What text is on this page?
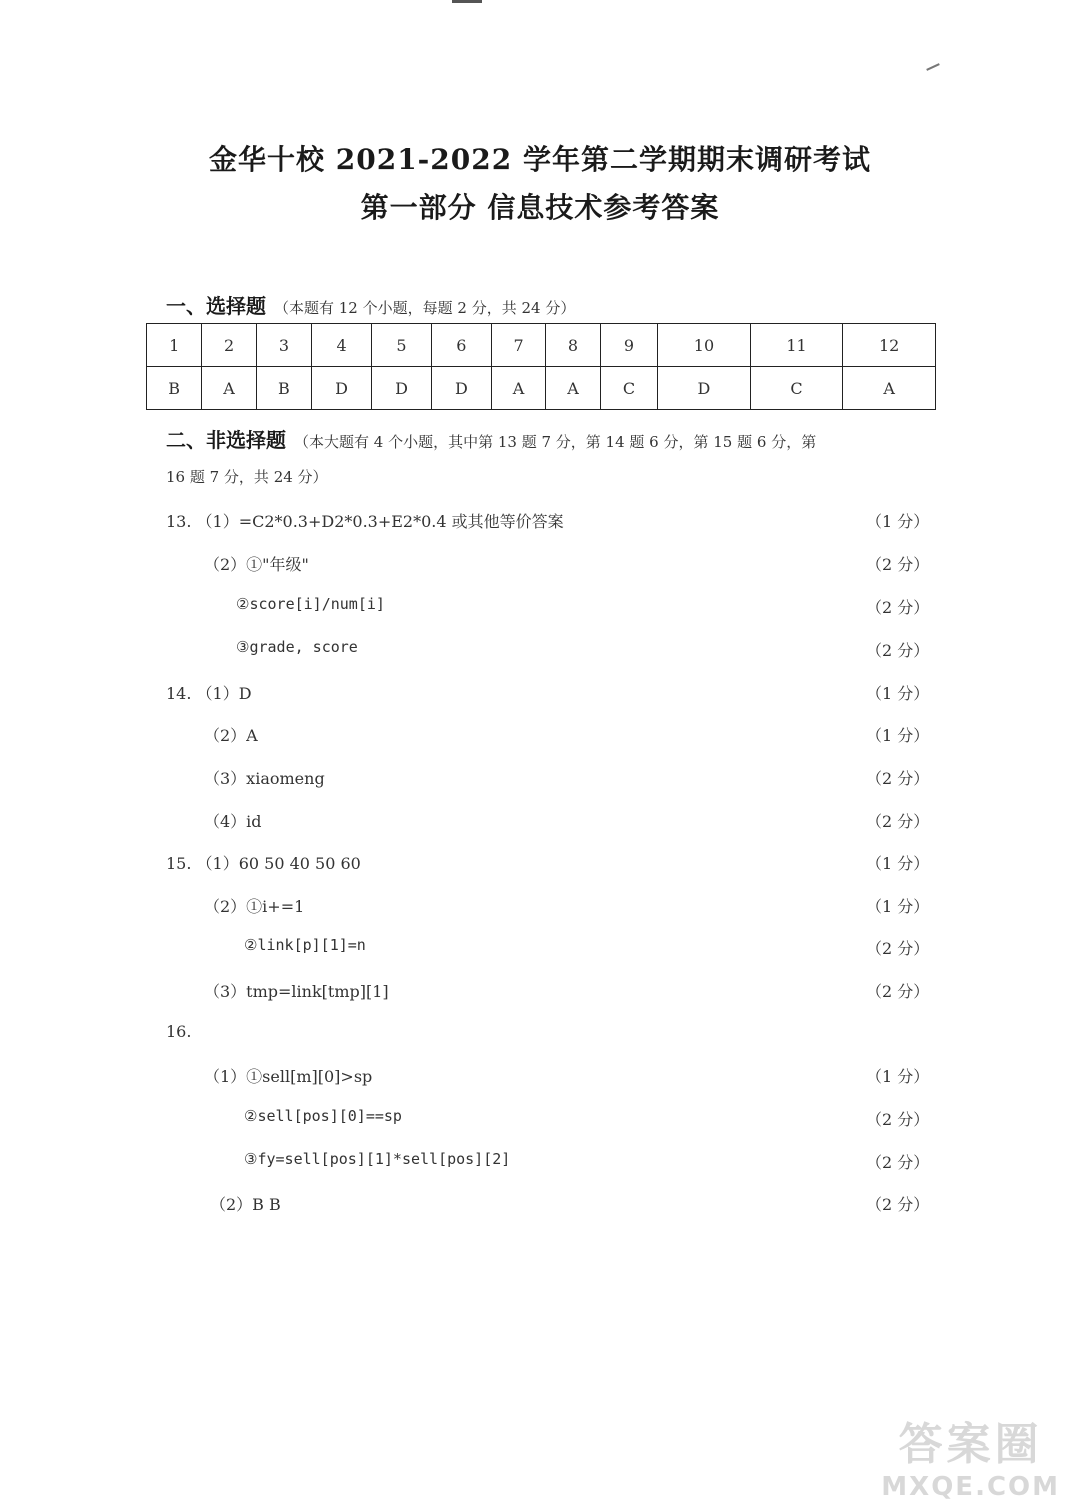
金华十校 2021-2022 学年第二学期期末调研考试
第一部分 信息技术参考答案
一、选择题 （本题有 12 个小题，每题 2 分，共 24 分）
1	2	3	4	5	6	7	8	9	10	11	12
B	A	B	D	D	D	A	A	C	D	C	A
二、非选择题 （本大题有 4 个小题，其中第 13 题 7 分，第 14 题 6 分，第 15 题 6 分，第
16 题 7 分，共 24 分）
13. （1）=C2*0.3+D2*0.3+E2*0.4 或其他等价答案	（1 分）
（2）①"年级"	（2 分）
②score[i]/num[i]	（2 分）
③grade, score	（2 分）
14. （1）D	（1 分）
（2）A	（1 分）
（3）xiaomeng	（2 分）
（4）id	（2 分）
15. （1）60 50 40 50 60	（1 分）
（2）①i+=1	（1 分）
②link[p][1]=n	（2 分）
（3）tmp=link[tmp][1]	（2 分）
16.
（1）①sell[m][0]>sp	（1 分）
②sell[pos][0]==sp	（2 分）
③fy=sell[pos][1]*sell[pos][2]	（2 分）
（2）B B	（2 分）
答案圈
MXQE.COM
